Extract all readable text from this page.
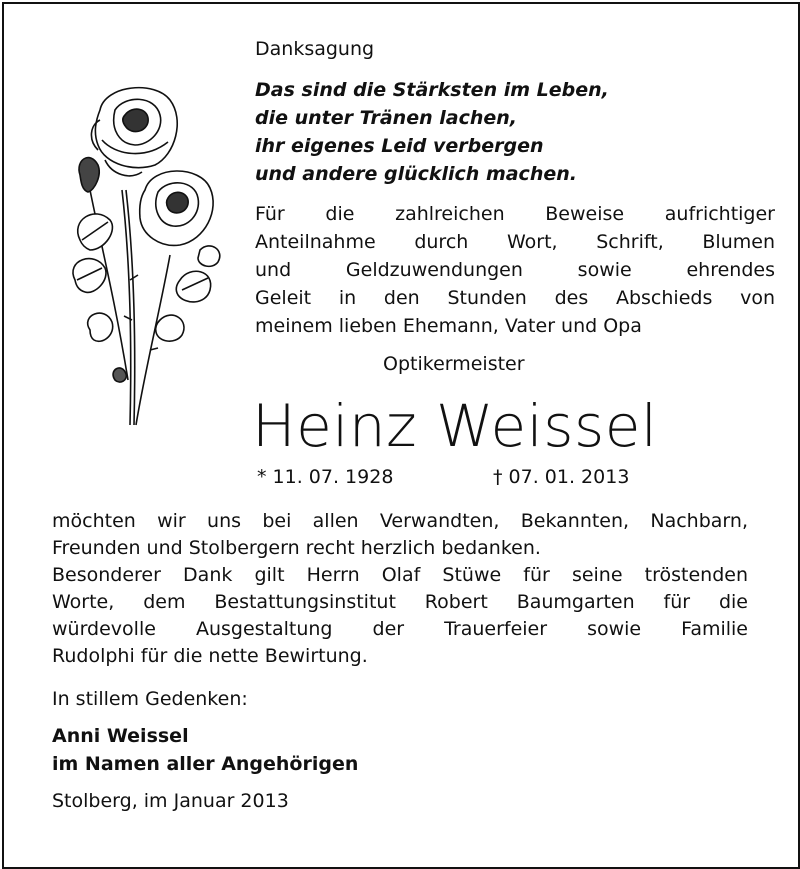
Danksagung
Das sind die Stärksten im Leben,
die unter Tränen lachen,
ihr eigenes Leid verbergen
und andere glücklich machen.
Für die zahlreichen Beweise aufrichtiger
Anteilnahme durch Wort, Schrift, Blumen
und Geldzuwendungen sowie ehrendes
Geleit in den Stunden des Abschieds von
meinem lieben Ehemann, Vater und Opa
Optikermeister
Heinz Weissel
* 11. 07. 1928	† 07. 01. 2013
möchten wir uns bei allen Verwandten, Bekannten, Nachbarn,
Freunden und Stolbergern recht herzlich bedanken.
Besonderer Dank gilt Herrn Olaf Stüwe für seine tröstenden
Worte, dem Bestattungsinstitut Robert Baumgarten für die
würdevolle Ausgestaltung der Trauerfeier sowie Familie
Rudolphi für die nette Bewirtung.
In stillem Gedenken:
Anni Weissel
im Namen aller Angehörigen
Stolberg, im Januar 2013
